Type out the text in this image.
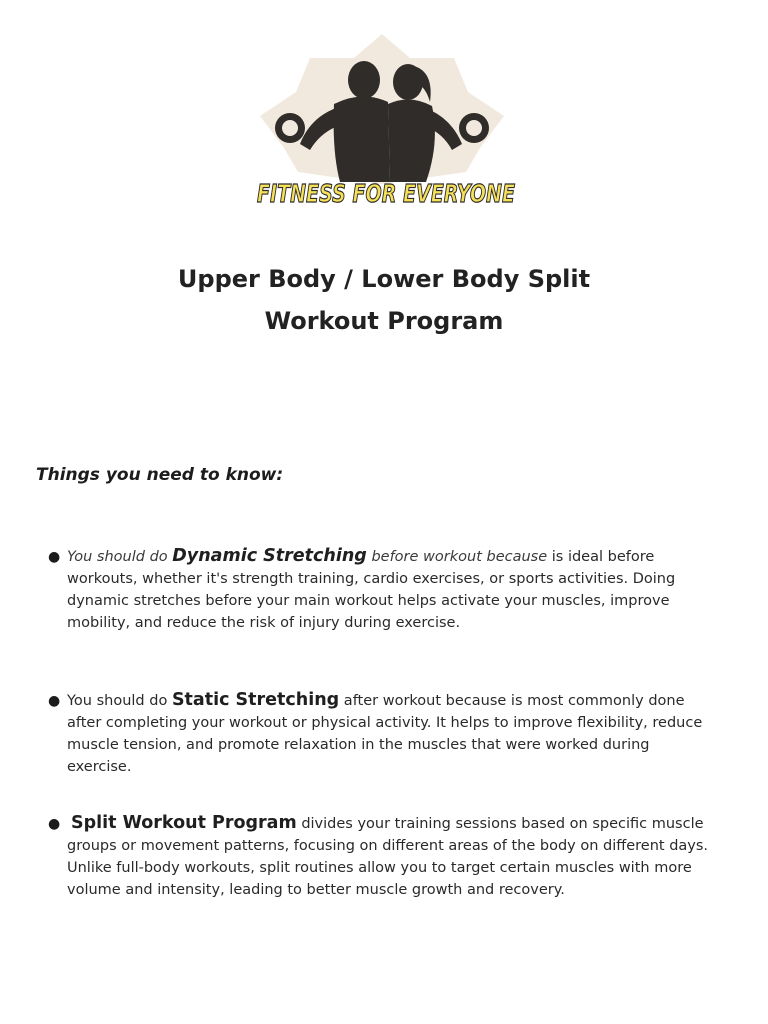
FITNESS FOR EVERYONE
Upper Body / Lower Body Split
Workout Program
Things you need to know:
● You should do Dynamic Stretching before workout because is ideal before workouts, whether it's strength training, cardio exercises, or sports activities. Doing dynamic stretches before your main workout helps activate your muscles, improve mobility, and reduce the risk of injury during exercise.
● You should do Static Stretching after workout because is most commonly done after completing your workout or physical activity. It helps to improve flexibility, reduce muscle tension, and promote relaxation in the muscles that were worked during exercise.
● Split Workout Program divides your training sessions based on specific muscle groups or movement patterns, focusing on different areas of the body on different days. Unlike full-body workouts, split routines allow you to target certain muscles with more volume and intensity, leading to better muscle growth and recovery.
